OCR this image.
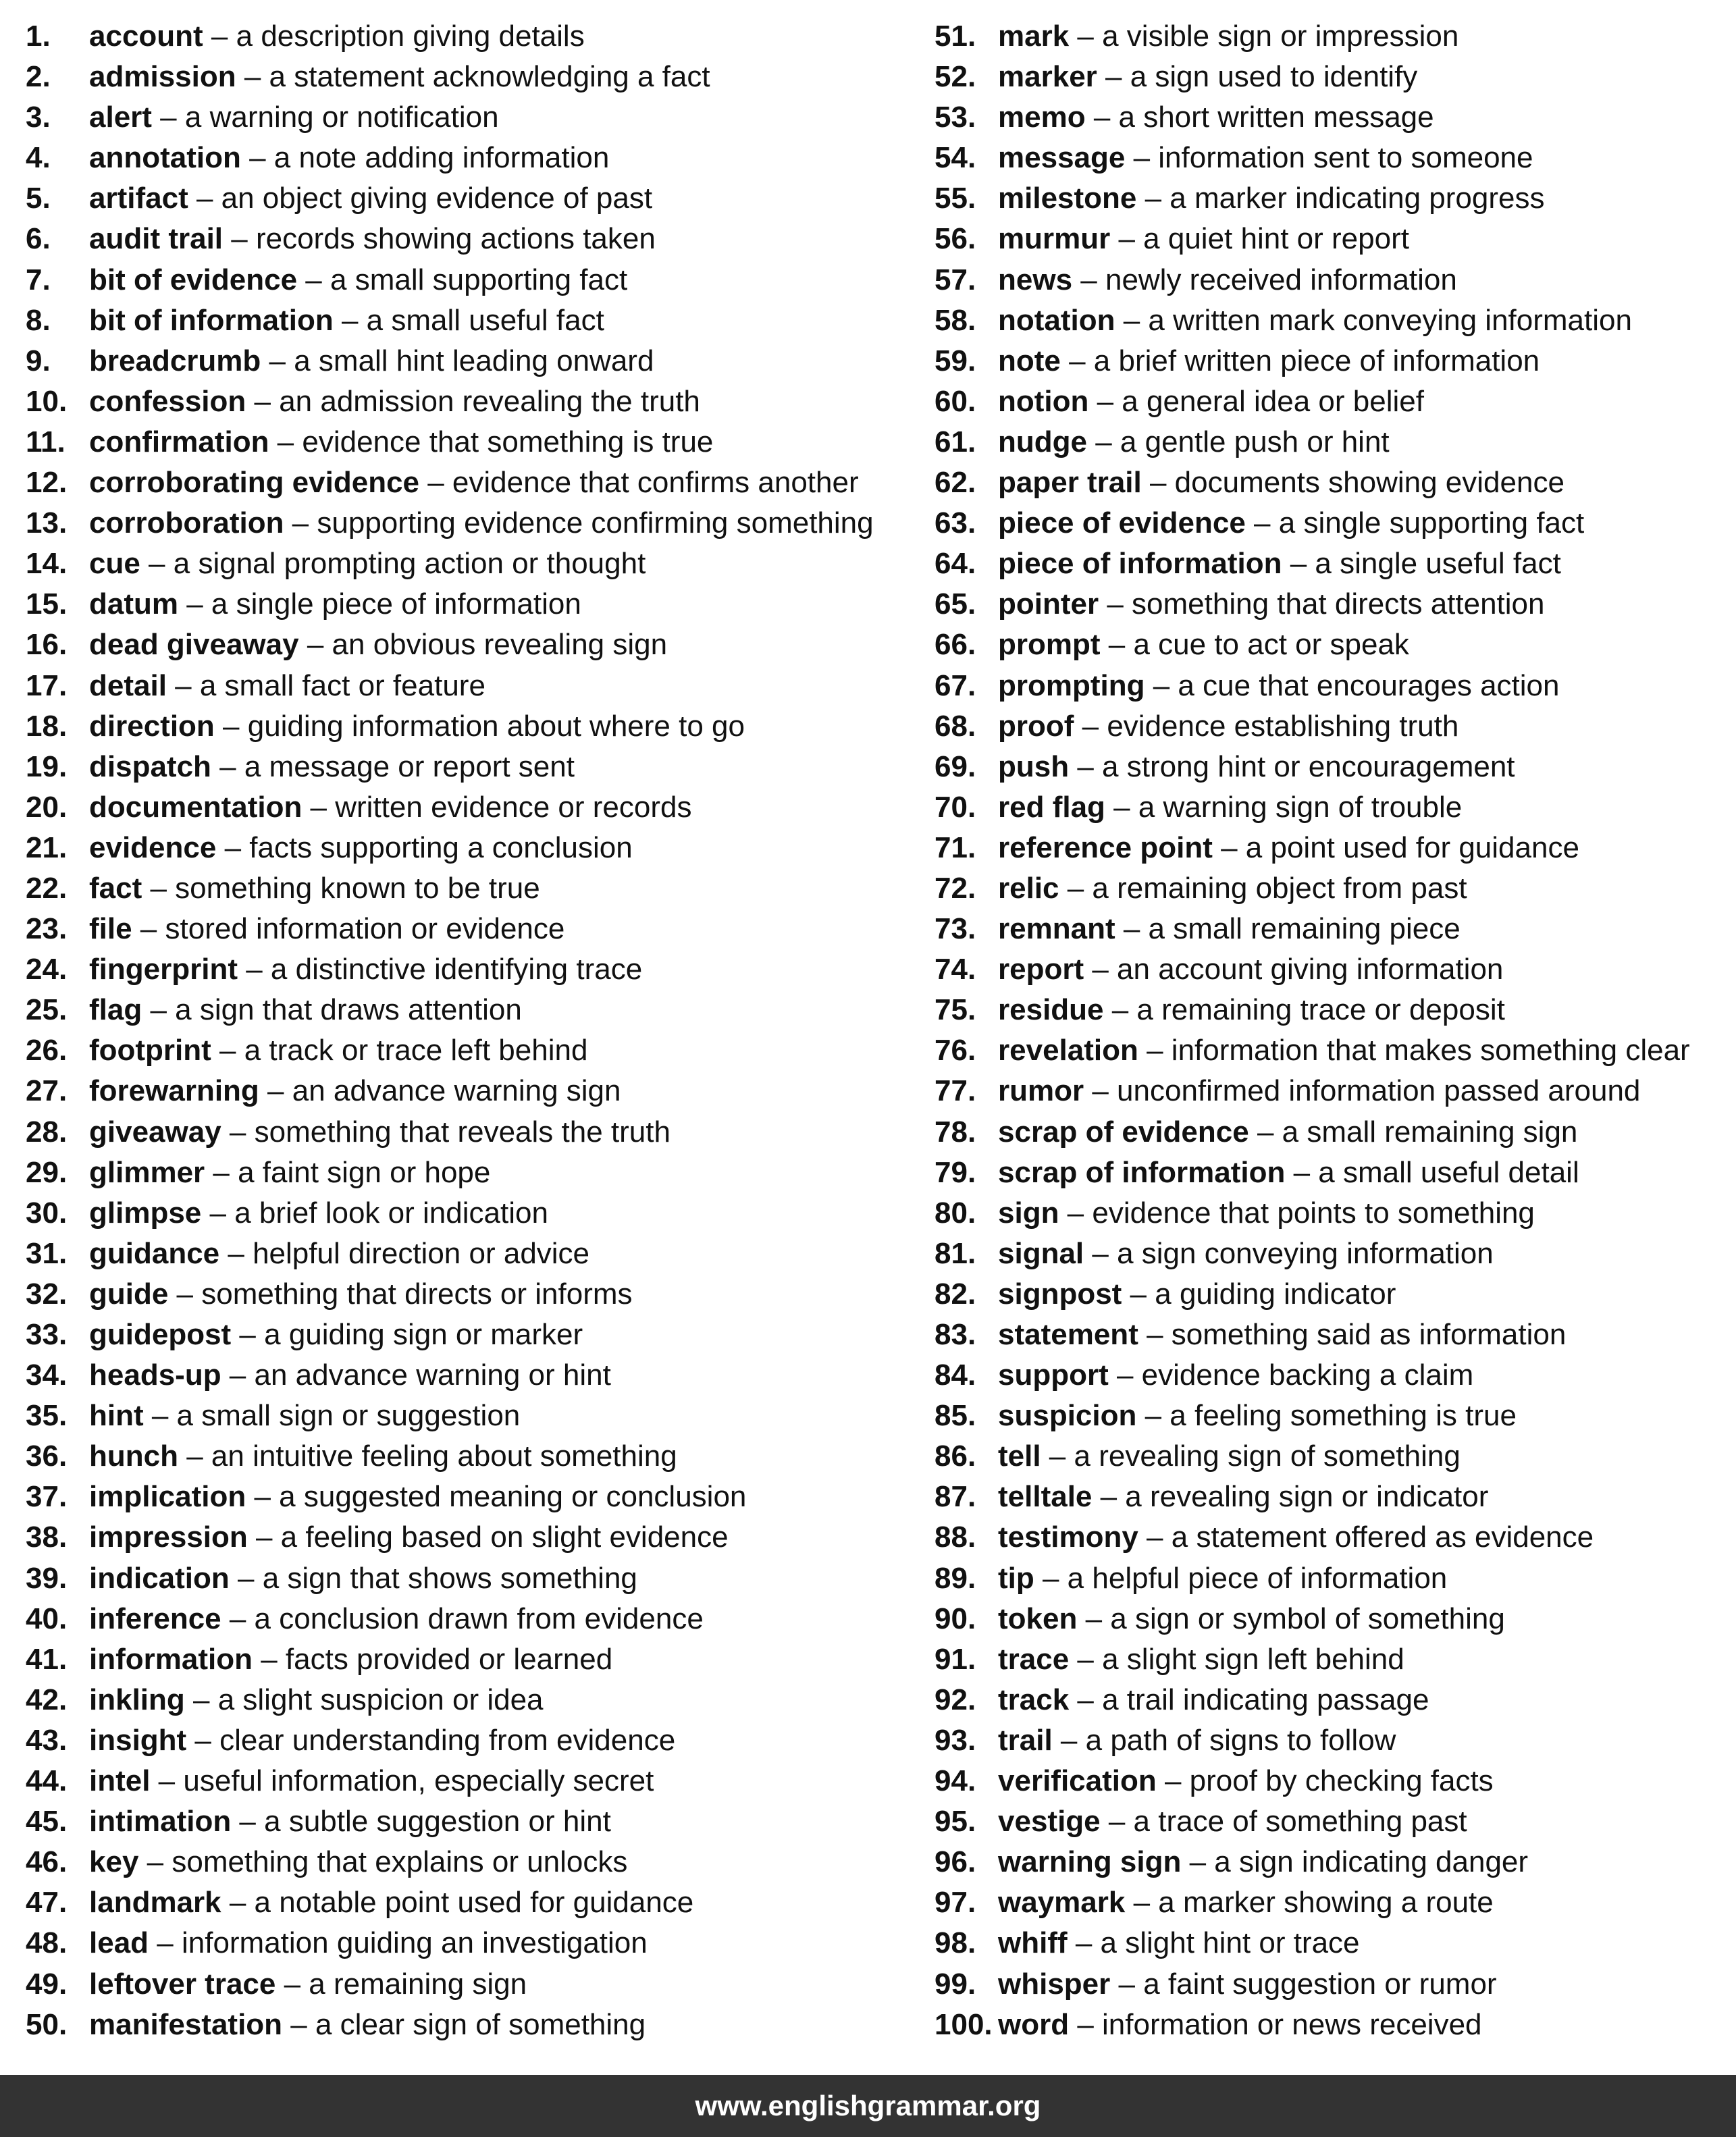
1. account – a description giving details
2. admission – a statement acknowledging a fact
3. alert – a warning or notification
4. annotation – a note adding information
5. artifact – an object giving evidence of past
6. audit trail – records showing actions taken
7. bit of evidence – a small supporting fact
8. bit of information – a small useful fact
9. breadcrumb – a small hint leading onward
10. confession – an admission revealing the truth
11. confirmation – evidence that something is true
12. corroborating evidence – evidence that confirms another
13. corroboration – supporting evidence confirming something
14. cue – a signal prompting action or thought
15. datum – a single piece of information
16. dead giveaway – an obvious revealing sign
17. detail – a small fact or feature
18. direction – guiding information about where to go
19. dispatch – a message or report sent
20. documentation – written evidence or records
21. evidence – facts supporting a conclusion
22. fact – something known to be true
23. file – stored information or evidence
24. fingerprint – a distinctive identifying trace
25. flag – a sign that draws attention
26. footprint – a track or trace left behind
27. forewarning – an advance warning sign
28. giveaway – something that reveals the truth
29. glimmer – a faint sign or hope
30. glimpse – a brief look or indication
31. guidance – helpful direction or advice
32. guide – something that directs or informs
33. guidepost – a guiding sign or marker
34. heads-up – an advance warning or hint
35. hint – a small sign or suggestion
36. hunch – an intuitive feeling about something
37. implication – a suggested meaning or conclusion
38. impression – a feeling based on slight evidence
39. indication – a sign that shows something
40. inference – a conclusion drawn from evidence
41. information – facts provided or learned
42. inkling – a slight suspicion or idea
43. insight – clear understanding from evidence
44. intel – useful information, especially secret
45. intimation – a subtle suggestion or hint
46. key – something that explains or unlocks
47. landmark – a notable point used for guidance
48. lead – information guiding an investigation
49. leftover trace – a remaining sign
50. manifestation – a clear sign of something
51. mark – a visible sign or impression
52. marker – a sign used to identify
53. memo – a short written message
54. message – information sent to someone
55. milestone – a marker indicating progress
56. murmur – a quiet hint or report
57. news – newly received information
58. notation – a written mark conveying information
59. note – a brief written piece of information
60. notion – a general idea or belief
61. nudge – a gentle push or hint
62. paper trail – documents showing evidence
63. piece of evidence – a single supporting fact
64. piece of information – a single useful fact
65. pointer – something that directs attention
66. prompt – a cue to act or speak
67. prompting – a cue that encourages action
68. proof – evidence establishing truth
69. push – a strong hint or encouragement
70. red flag – a warning sign of trouble
71. reference point – a point used for guidance
72. relic – a remaining object from past
73. remnant – a small remaining piece
74. report – an account giving information
75. residue – a remaining trace or deposit
76. revelation – information that makes something clear
77. rumor – unconfirmed information passed around
78. scrap of evidence – a small remaining sign
79. scrap of information – a small useful detail
80. sign – evidence that points to something
81. signal – a sign conveying information
82. signpost – a guiding indicator
83. statement – something said as information
84. support – evidence backing a claim
85. suspicion – a feeling something is true
86. tell – a revealing sign of something
87. telltale – a revealing sign or indicator
88. testimony – a statement offered as evidence
89. tip – a helpful piece of information
90. token – a sign or symbol of something
91. trace – a slight sign left behind
92. track – a trail indicating passage
93. trail – a path of signs to follow
94. verification – proof by checking facts
95. vestige – a trace of something past
96. warning sign – a sign indicating danger
97. waymark – a marker showing a route
98. whiff – a slight hint or trace
99. whisper – a faint suggestion or rumor
100. word – information or news received
www.englishgrammar.org
